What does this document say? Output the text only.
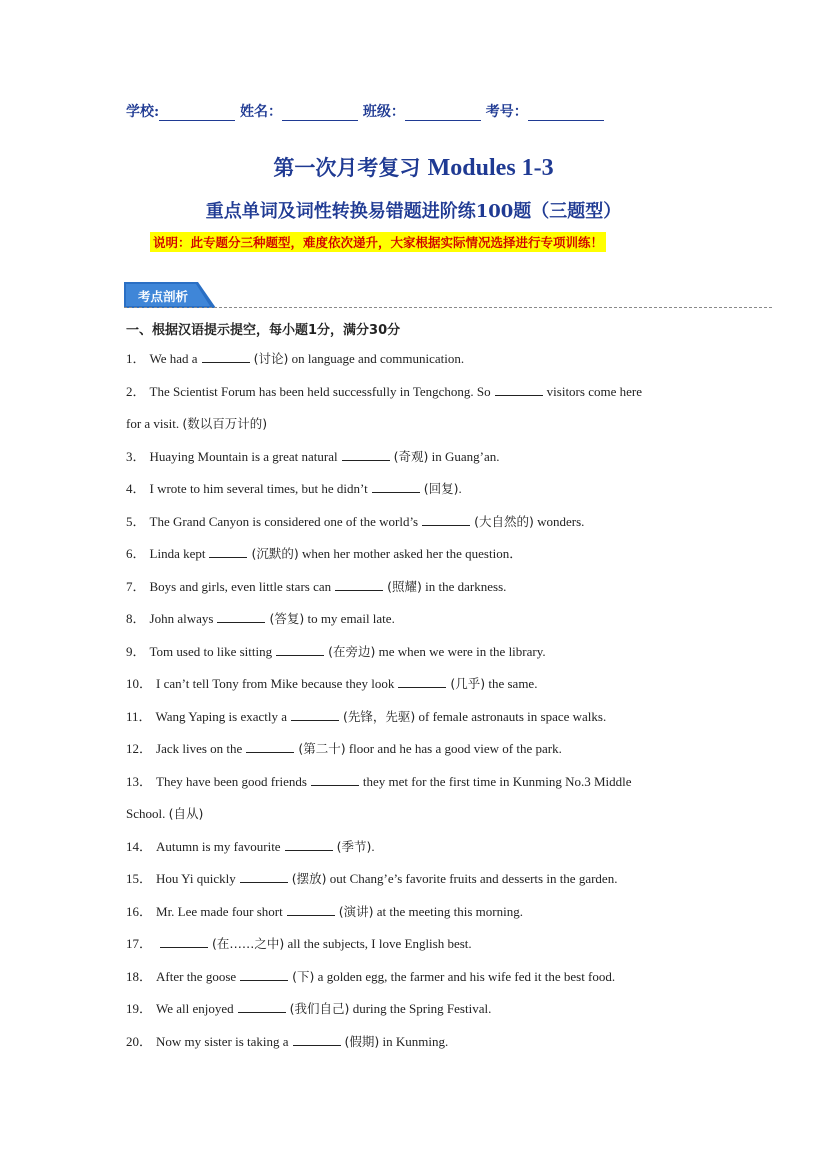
学校:	姓名：	班级：	考号：
第一次月考复习 Modules 1-3
重点单词及词性转换易错题进阶练100题（三题型）
说明：此专题分三种题型，难度依次递升，大家根据实际情况选择进行专项训练！
考点剖析
一、根据汉语提示提空，每小题1分，满分30分
1． We had a	(讨论) on language and communication.
2． The Scientist Forum has been held successfully in Tengchong. So	visitors come here
for a visit. (数以百万计的)
3． Huaying Mountain is a great natural	(奇观) in Guang’an.
4． I wrote to him several times, but he didn’t	(回复).
5． The Grand Canyon is considered one of the world’s	(大自然的) wonders.
6． Linda kept	(沉默的) when her mother asked her the question．
7． Boys and girls, even little stars can	(照耀) in the darkness.
8． John always	(答复) to my email late.
9． Tom used to like sitting	(在旁边) me when we were in the library.
10． I can’t tell Tony from Mike because they look	(几乎) the same.
11． Wang Yaping is exactly a	(先锋，先驱) of female astronauts in space walks.
12． Jack lives on the	(第二十) floor and he has a good view of the park.
13． They have been good friends	they met for the first time in Kunming No.3 Middle
School. (自从)
14． Autumn is my favourite	(季节).
15． Hou Yi quickly	(摆放) out Chang’e’s favorite fruits and desserts in the garden.
16． Mr. Lee made four short	(演讲) at the meeting this morning.
17．	(在……之中) all the subjects, I love English best.
18． After the goose	(下) a golden egg, the farmer and his wife fed it the best food.
19． We all enjoyed	(我们自己) during the Spring Festival.
20． Now my sister is taking a	(假期) in Kunming.
